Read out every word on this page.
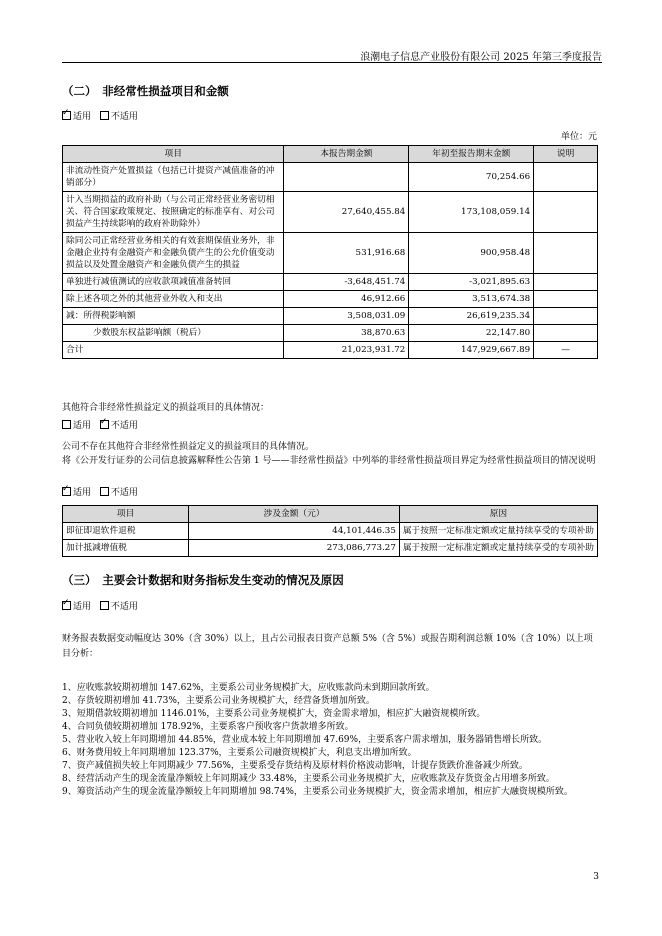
浪潮电子信息产业股份有限公司 2025 年第三季度报告
（二）　非经常性损益项目和金额
✓适用 不适用
单位：元
项目	本报告期金额	年初至报告期末金额	说明
非流动性资产处置损益（包括已计提资产减值准备的冲销部分）		70,254.66	
计入当期损益的政府补助（与公司正常经营业务密切相关、符合国家政策规定、按照确定的标准享有、对公司损益产生持续影响的政府补助除外）	27,640,455.84	173,108,059.14	
除同公司正常经营业务相关的有效套期保值业务外，非金融企业持有金融资产和金融负债产生的公允价值变动损益以及处置金融资产和金融负债产生的损益	531,916.68	900,958.48	
单独进行减值测试的应收款项减值准备转回	-3,648,451.74	-3,021,895.63	
除上述各项之外的其他营业外收入和支出	46,912.66	3,513,674.38	
减：所得税影响额	3,508,031.09	26,619,235.34	
少数股东权益影响额（税后）	38,870.63	22,147.80	
合计	21,023,931.72	147,929,667.89	—
其他符合非经常性损益定义的损益项目的具体情况：
适用 ✓ 不适用
公司不存在其他符合非经常性损益定义的损益项目的具体情况。
将《公开发行证券的公司信息披露解释性公告第 1 号——非经常性损益》中列举的非经常性损益项目界定为经常性损益项目的情况说明
✓适用 不适用
项目	涉及金额（元）	原因
即征即退软件退税	44,101,446.35	属于按照一定标准定额或定量持续享受的专项补助
加计抵减增值税	273,086,773.27	属于按照一定标准定额或定量持续享受的专项补助
（三）　主要会计数据和财务指标发生变动的情况及原因
✓适用 不适用
财务报表数据变动幅度达 30%（含 30%）以上，且占公司报表日资产总额 5%（含 5%）或报告期利润总额 10%（含 10%）以上项目分析：

1、应收账款较期初增加 147.62%，主要系公司业务规模扩大，应收账款尚未到期回款所致。

2、存货较期初增加 41.73%，主要系公司业务规模扩大，经营备货增加所致。

3、短期借款较期初增加 1146.01%，主要系公司业务规模扩大，资金需求增加，相应扩大融资规模所致。

4、合同负债较期初增加 178.92%，主要系客户预收客户货款增多所致。

5、营业收入较上年同期增加 44.85%，营业成本较上年同期增加 47.69%，主要系客户需求增加，服务器销售增长所致。

6、财务费用较上年同期增加 123.37%，主要系公司融资规模扩大，利息支出增加所致。

7、资产减值损失较上年同期减少 77.56%，主要系受存货结构及原材料价格波动影响，计提存货跌价准备减少所致。

8、经营活动产生的现金流量净额较上年同期减少 33.48%，主要系公司业务规模扩大，应收账款及存货资金占用增多所致。

9、筹资活动产生的现金流量净额较上年同期增加 98.74%，主要系公司业务规模扩大，资金需求增加，相应扩大融资规模所致。

3
